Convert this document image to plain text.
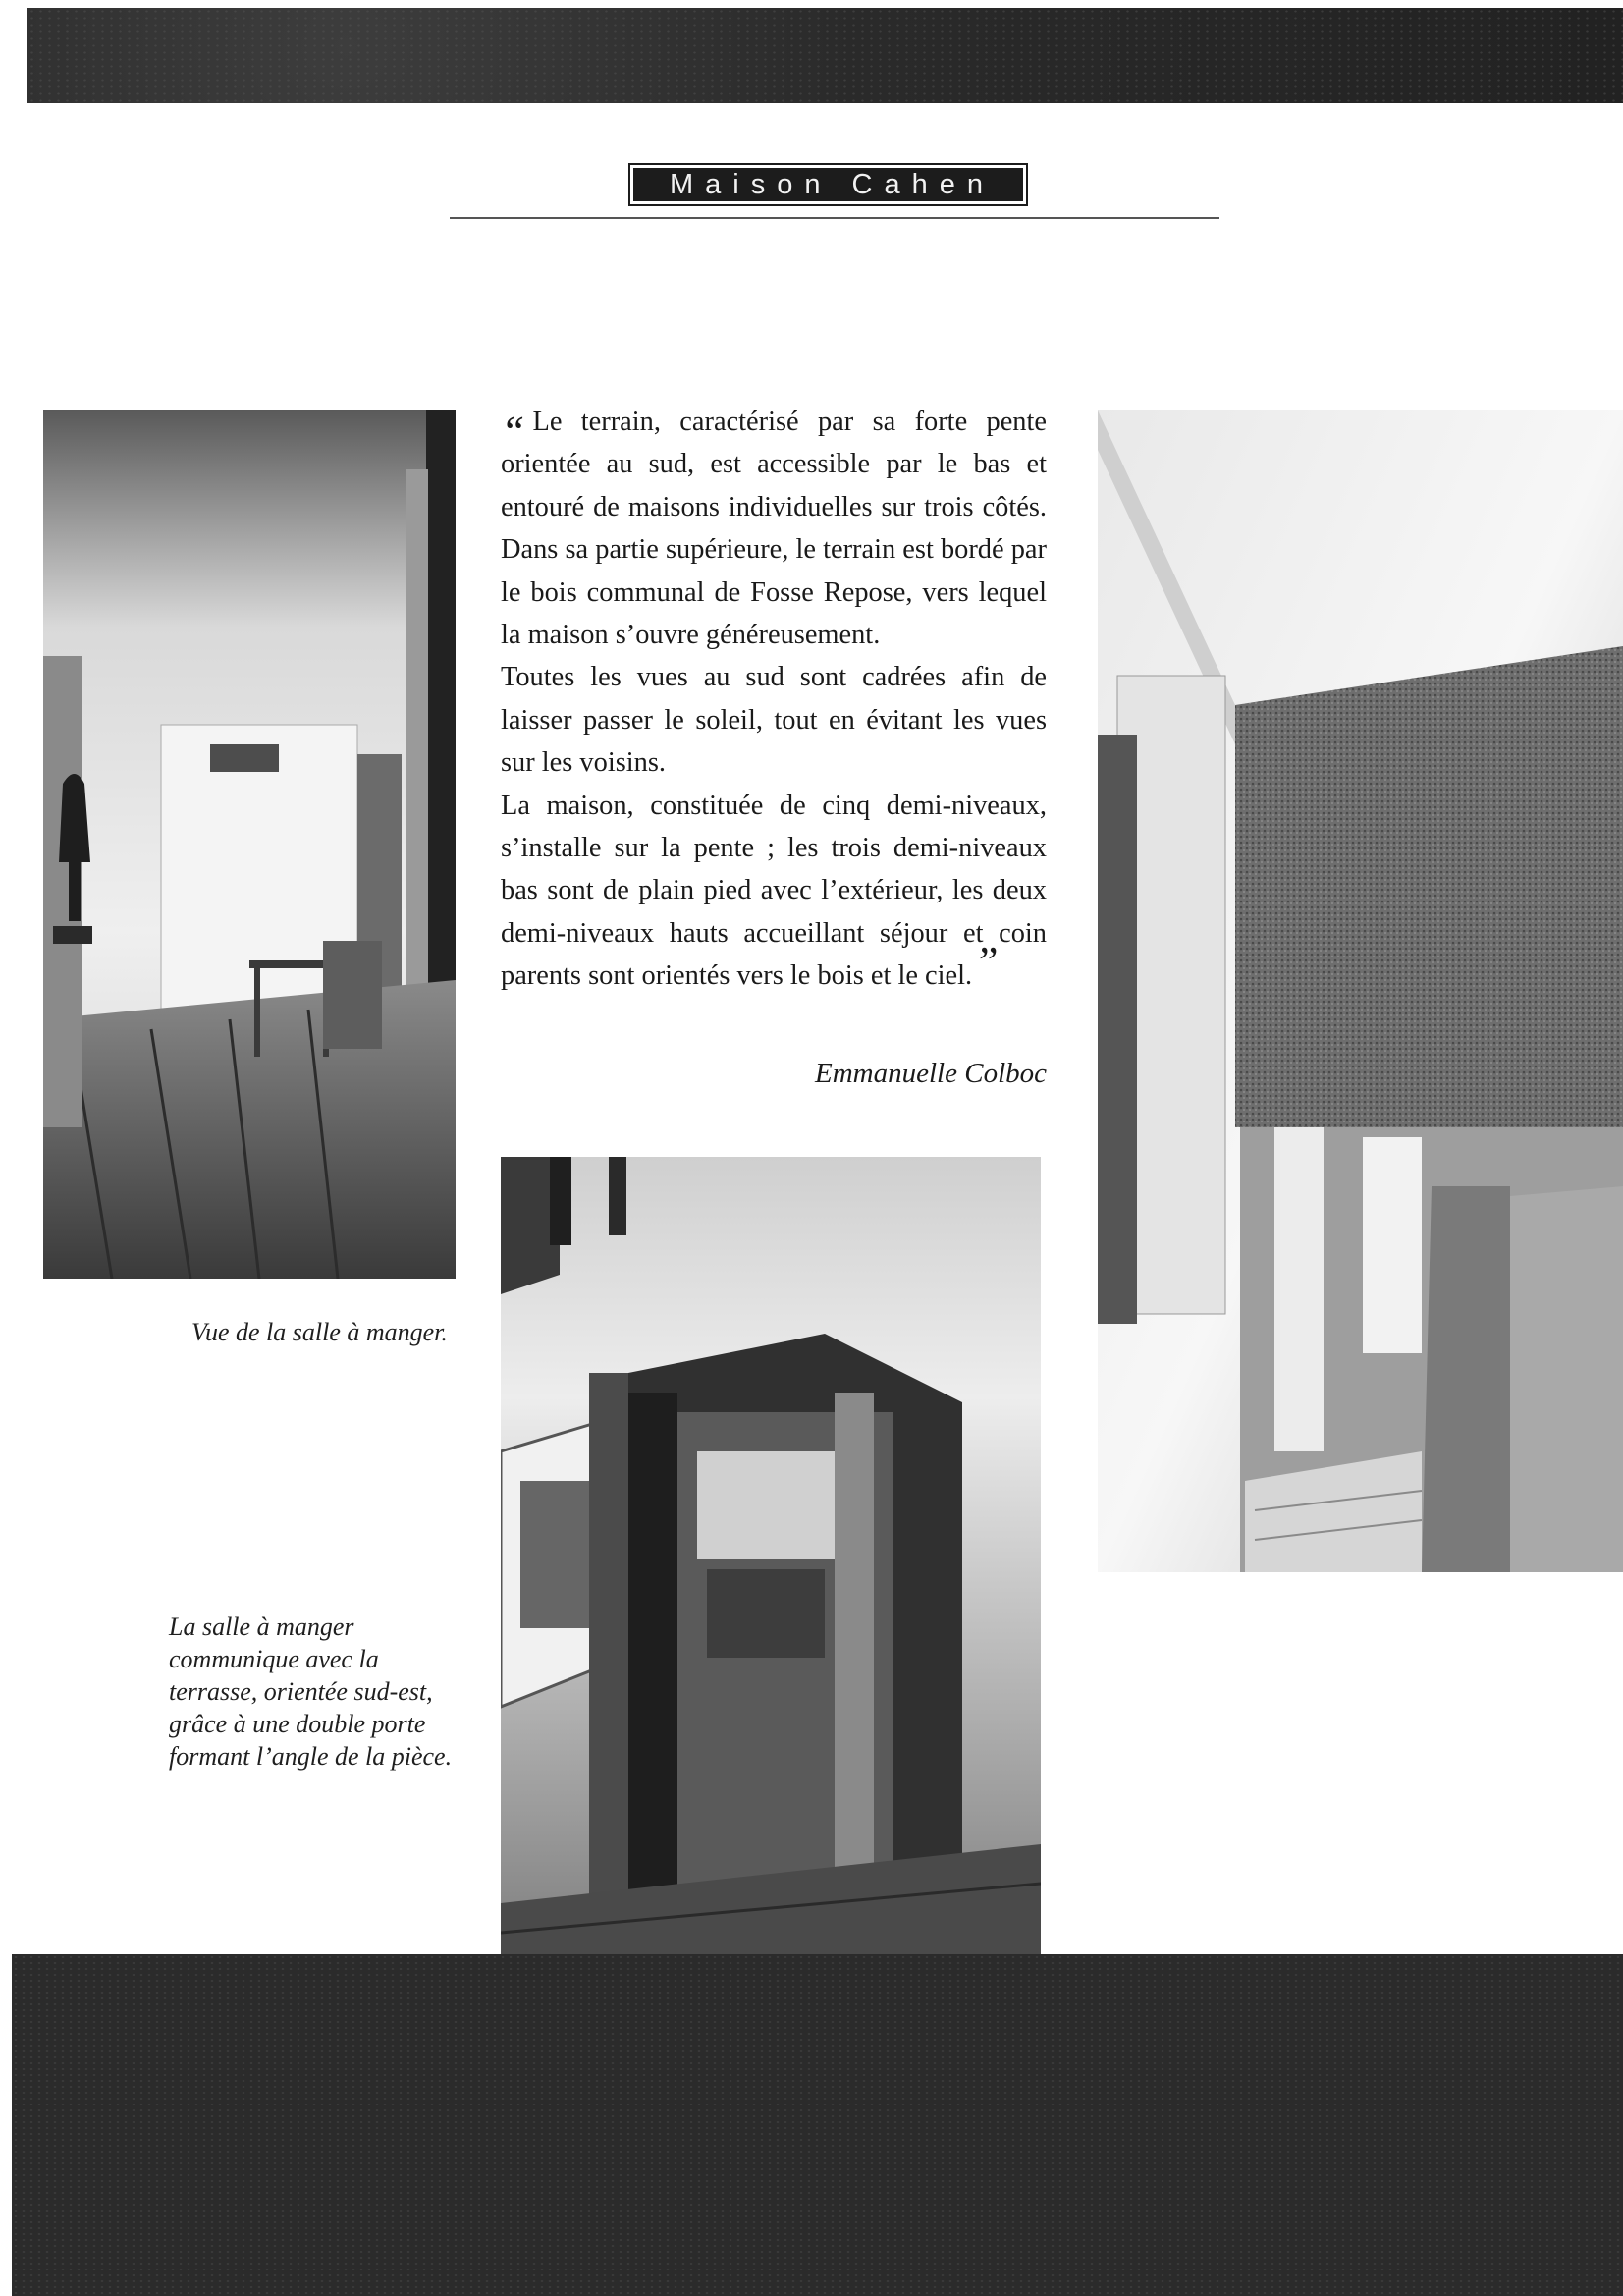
Maison Cahen

“ Le terrain, caractérisé par sa forte pente orientée au sud, est accessible par le bas et entouré de maisons individuelles sur trois côtés. Dans sa partie supérieure, le terrain est bordé par le bois communal de Fosse Repose, vers lequel la maison s’ouvre généreusement.

Toutes les vues au sud sont cadrées afin de laisser passer le soleil, tout en évitant les vues sur les voisins.

La maison, constituée de cinq demi-niveaux, s’installe sur la pente ; les trois demi-niveaux bas sont de plain pied avec l’extérieur, les deux demi-niveaux hauts accueillant séjour et coin parents sont orientés vers le bois et le ciel.”

Emmanuelle Colboc
Vue de la salle à manger.
La salle à manger communique avec la terrasse, orientée sud-est, grâce à une double porte formant l’angle de la pièce.
